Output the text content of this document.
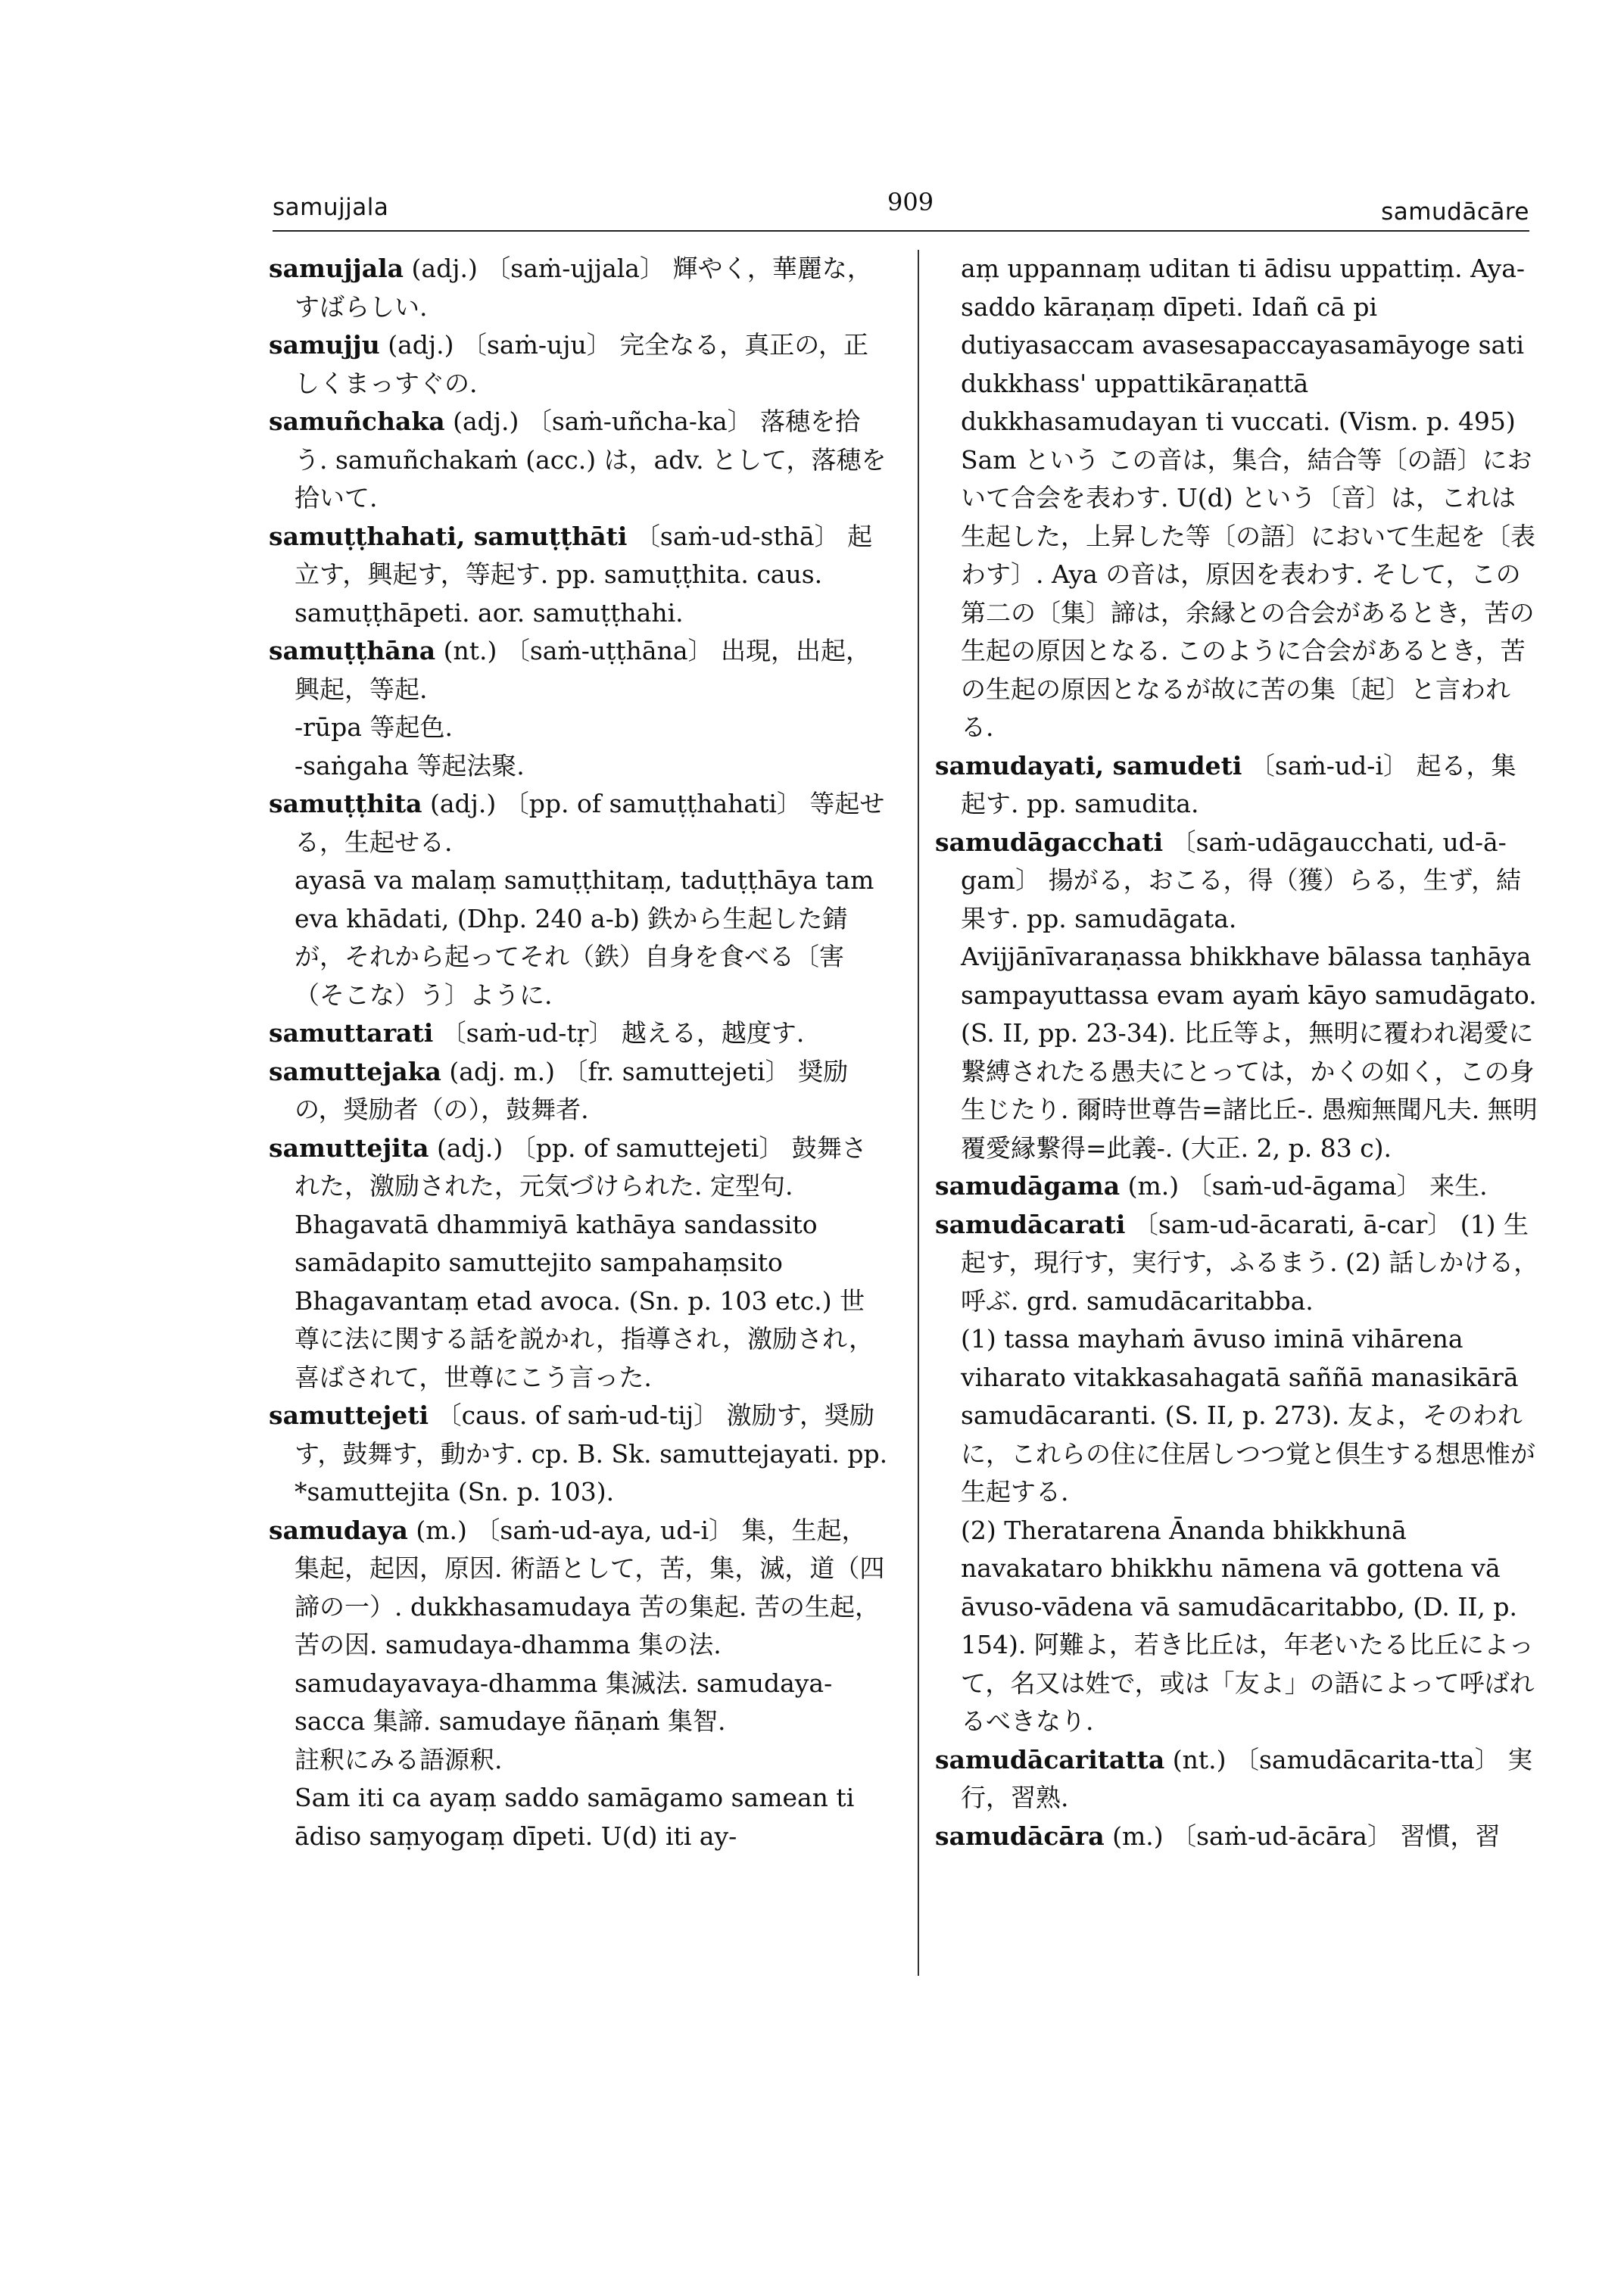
samujjala	909	samudācāre

samujjala (adj.) 〔saṁ-ujjala〕 輝やく，華麗な，すばらしい.

samujju (adj.) 〔saṁ-uju〕 完全なる，真正の，正しくまっすぐの.

samuñchaka (adj.) 〔saṁ-uñcha-ka〕 落穂を拾う. samuñchakaṁ (acc.) は，adv. として，落穂を拾いて.

samuṭṭhahati, samuṭṭhāti 〔saṁ-ud-sthā〕 起立す，興起す，等起す. pp. samuṭṭhita. caus. samuṭṭhāpeti. aor. samuṭṭhahi.

samuṭṭhāna (nt.) 〔saṁ-uṭṭhāna〕 出現，出起，興起，等起.

-rūpa 等起色.

-saṅgaha 等起法聚.

samuṭṭhita (adj.) 〔pp. of samuṭṭhahati〕 等起せる，生起せる.

ayasā va malaṃ samuṭṭhitaṃ, taduṭṭhāya tam eva khādati, (Dhp. 240 a-b) 鉄から生起した錆が，それから起ってそれ（鉄）自身を食べる〔害（そこな）う〕ように.

samuttarati 〔saṁ-ud-tṛ〕 越える，越度す.

samuttejaka (adj. m.) 〔fr. samuttejeti〕 奨励の，奨励者（の），鼓舞者.

samuttejita (adj.) 〔pp. of samuttejeti〕 鼓舞された，激励された，元気づけられた. 定型句. Bhagavatā dhammiyā kathāya sandassito samādapito samuttejito sampahaṃsito Bhagavantaṃ etad avoca. (Sn. p. 103 etc.) 世尊に法に関する話を説かれ，指導され，激励され，喜ばされて，世尊にこう言った.

samuttejeti 〔caus. of saṁ-ud-tij〕 激励す，奨励す，鼓舞す，動かす. cp. B. Sk. samuttejayati. pp. *samuttejita (Sn. p. 103).

samudaya (m.) 〔saṁ-ud-aya, ud-i〕 集，生起，集起，起因，原因. 術語として，苦，集，滅，道（四諦の一）. dukkhasamudaya 苦の集起. 苦の生起，苦の因. samudaya-dhamma 集の法. samudayavaya-dhamma 集滅法. samudaya-sacca 集諦. samudaye ñāṇaṁ 集智.

註釈にみる語源釈.

Sam iti ca ayaṃ saddo samāgamo samean ti ādiso saṃyogaṃ dīpeti. U(d) iti ay-

aṃ uppannaṃ uditan ti ādisu uppattiṃ. Aya-saddo kāraṇaṃ dīpeti. Idañ cā pi dutiyasaccam avasesapaccayasamāyoge sati dukkhass' uppattikāraṇattā dukkhasamudayan ti vuccati. (Vism. p. 495) Sam という この音は，集合，結合等〔の語〕において合会を表わす. U(d) という〔音〕は，これは生起した，上昇した等〔の語〕において生起を〔表わす〕. Aya の音は，原因を表わす. そして，この第二の〔集〕諦は，余縁との合会があるとき，苦の生起の原因となる. このように合会があるとき，苦の生起の原因となるが故に苦の集〔起〕と言われる.

samudayati, samudeti 〔saṁ-ud-i〕 起る，集起す. pp. samudita.

samudāgacchati 〔saṁ-udāgaucchati, ud-ā-gam〕 揚がる，おこる，得（獲）らる，生ず，結果す. pp. samudāgata.

Avijjānīvaraṇassa bhikkhave bālassa taṇhāya sampayuttassa evam ayaṁ kāyo samudāgato. (S. II, pp. 23-34). 比丘等よ，無明に覆われ渇愛に繋縛されたる愚夫にとっては，かくの如く，この身生じたり. 爾時世尊告=諸比丘-. 愚痴無聞凡夫. 無明覆愛縁繋得=此義-. (大正. 2, p. 83 c).

samudāgama (m.) 〔saṁ-ud-āgama〕 来生.

samudācarati 〔sam-ud-ācarati, ā-car〕 (1) 生起す，現行す，実行す，ふるまう. (2) 話しかける，呼ぶ. grd. samudācaritabba.

(1) tassa mayhaṁ āvuso iminā vihārena viharato vitakkasahagatā saññā manasikārā samudācaranti. (S. II, p. 273). 友よ，そのわれに，これらの住に住居しつつ覚と倶生する想思惟が生起する.

(2) Theratarena Ānanda bhikkhunā navakataro bhikkhu nāmena vā gottena vā āvuso-vādena vā samudācaritabbo, (D. II, p. 154). 阿難よ，若き比丘は，年老いたる比丘によって，名又は姓で，或は「友よ」の語によって呼ばれるべきなり.

samudācaritatta (nt.) 〔samudācarita-tta〕 実行，習熟.

samudācāra (m.) 〔saṁ-ud-ācāra〕 習慣，習
